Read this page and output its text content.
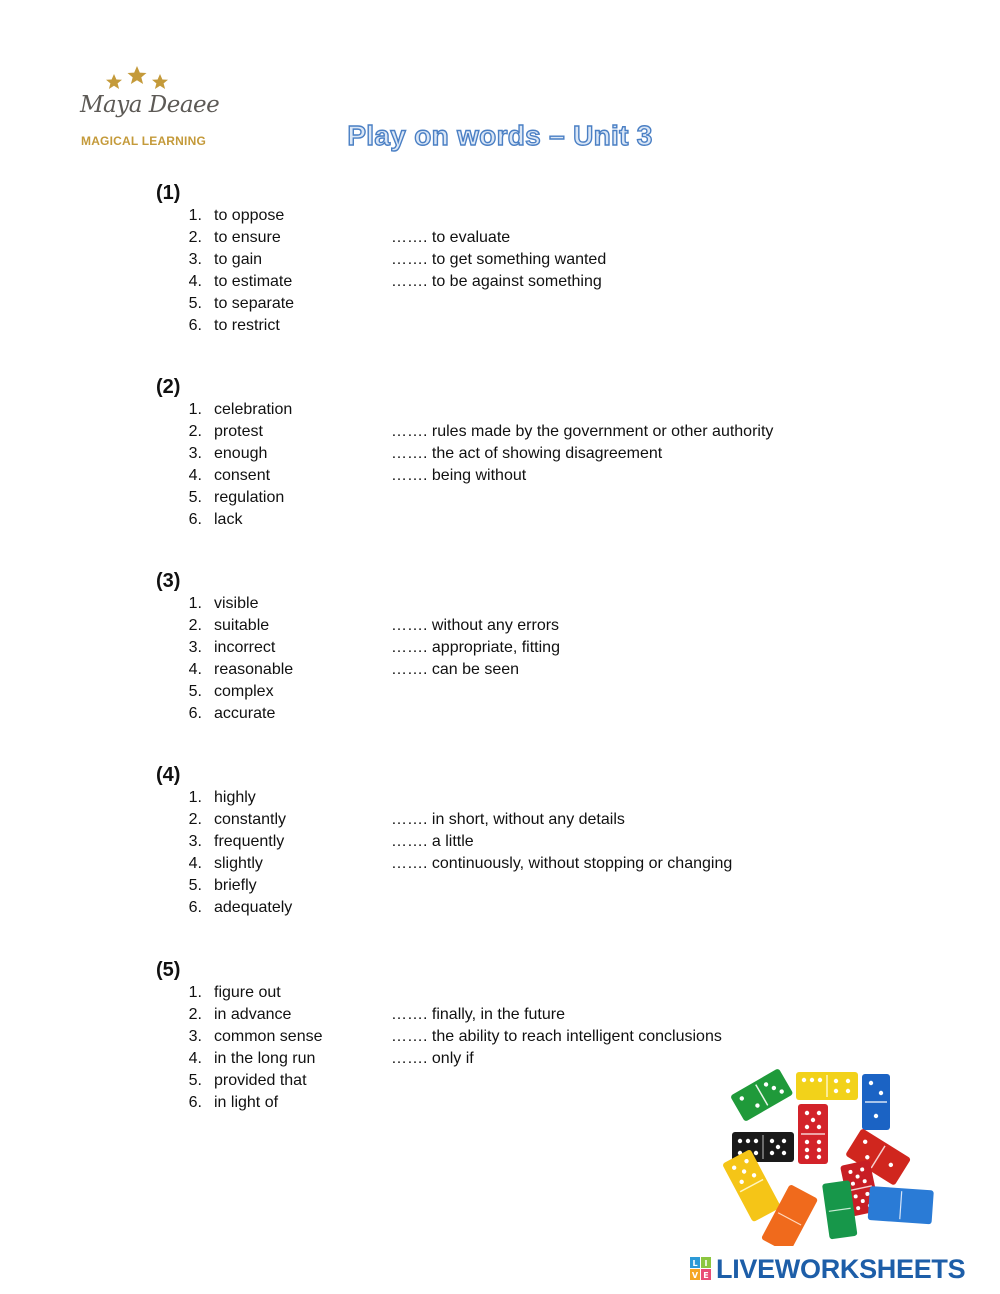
Maya Deaee
MAGICAL LEARNING	Play on words – Unit 3
(1)
1. to oppose
2. to ensure	……. to evaluate
3. to gain	……. to get something wanted
4. to estimate	……. to be against something
5. to separate
6. to restrict
(2)
1. celebration
2. protest	……. rules made by the government or other authority
3. enough	……. the act of showing disagreement
4. consent	……. being without
5. regulation
6. lack
(3)
1. visible
2. suitable	……. without any errors
3. incorrect	……. appropriate, fitting
4. reasonable	……. can be seen
5. complex
6. accurate
(4)
1. highly
2. constantly	……. in short, without any details
3. frequently	……. a little
4. slightly	……. continuously, without stopping or changing
5. briefly
6. adequately
(5)
1. figure out
2. in advance	……. finally, in the future
3. common sense	……. the ability to reach intelligent conclusions
4. in the long run	……. only if
5. provided that
6. in light of
L I
V E LIVEWORKSHEETS
